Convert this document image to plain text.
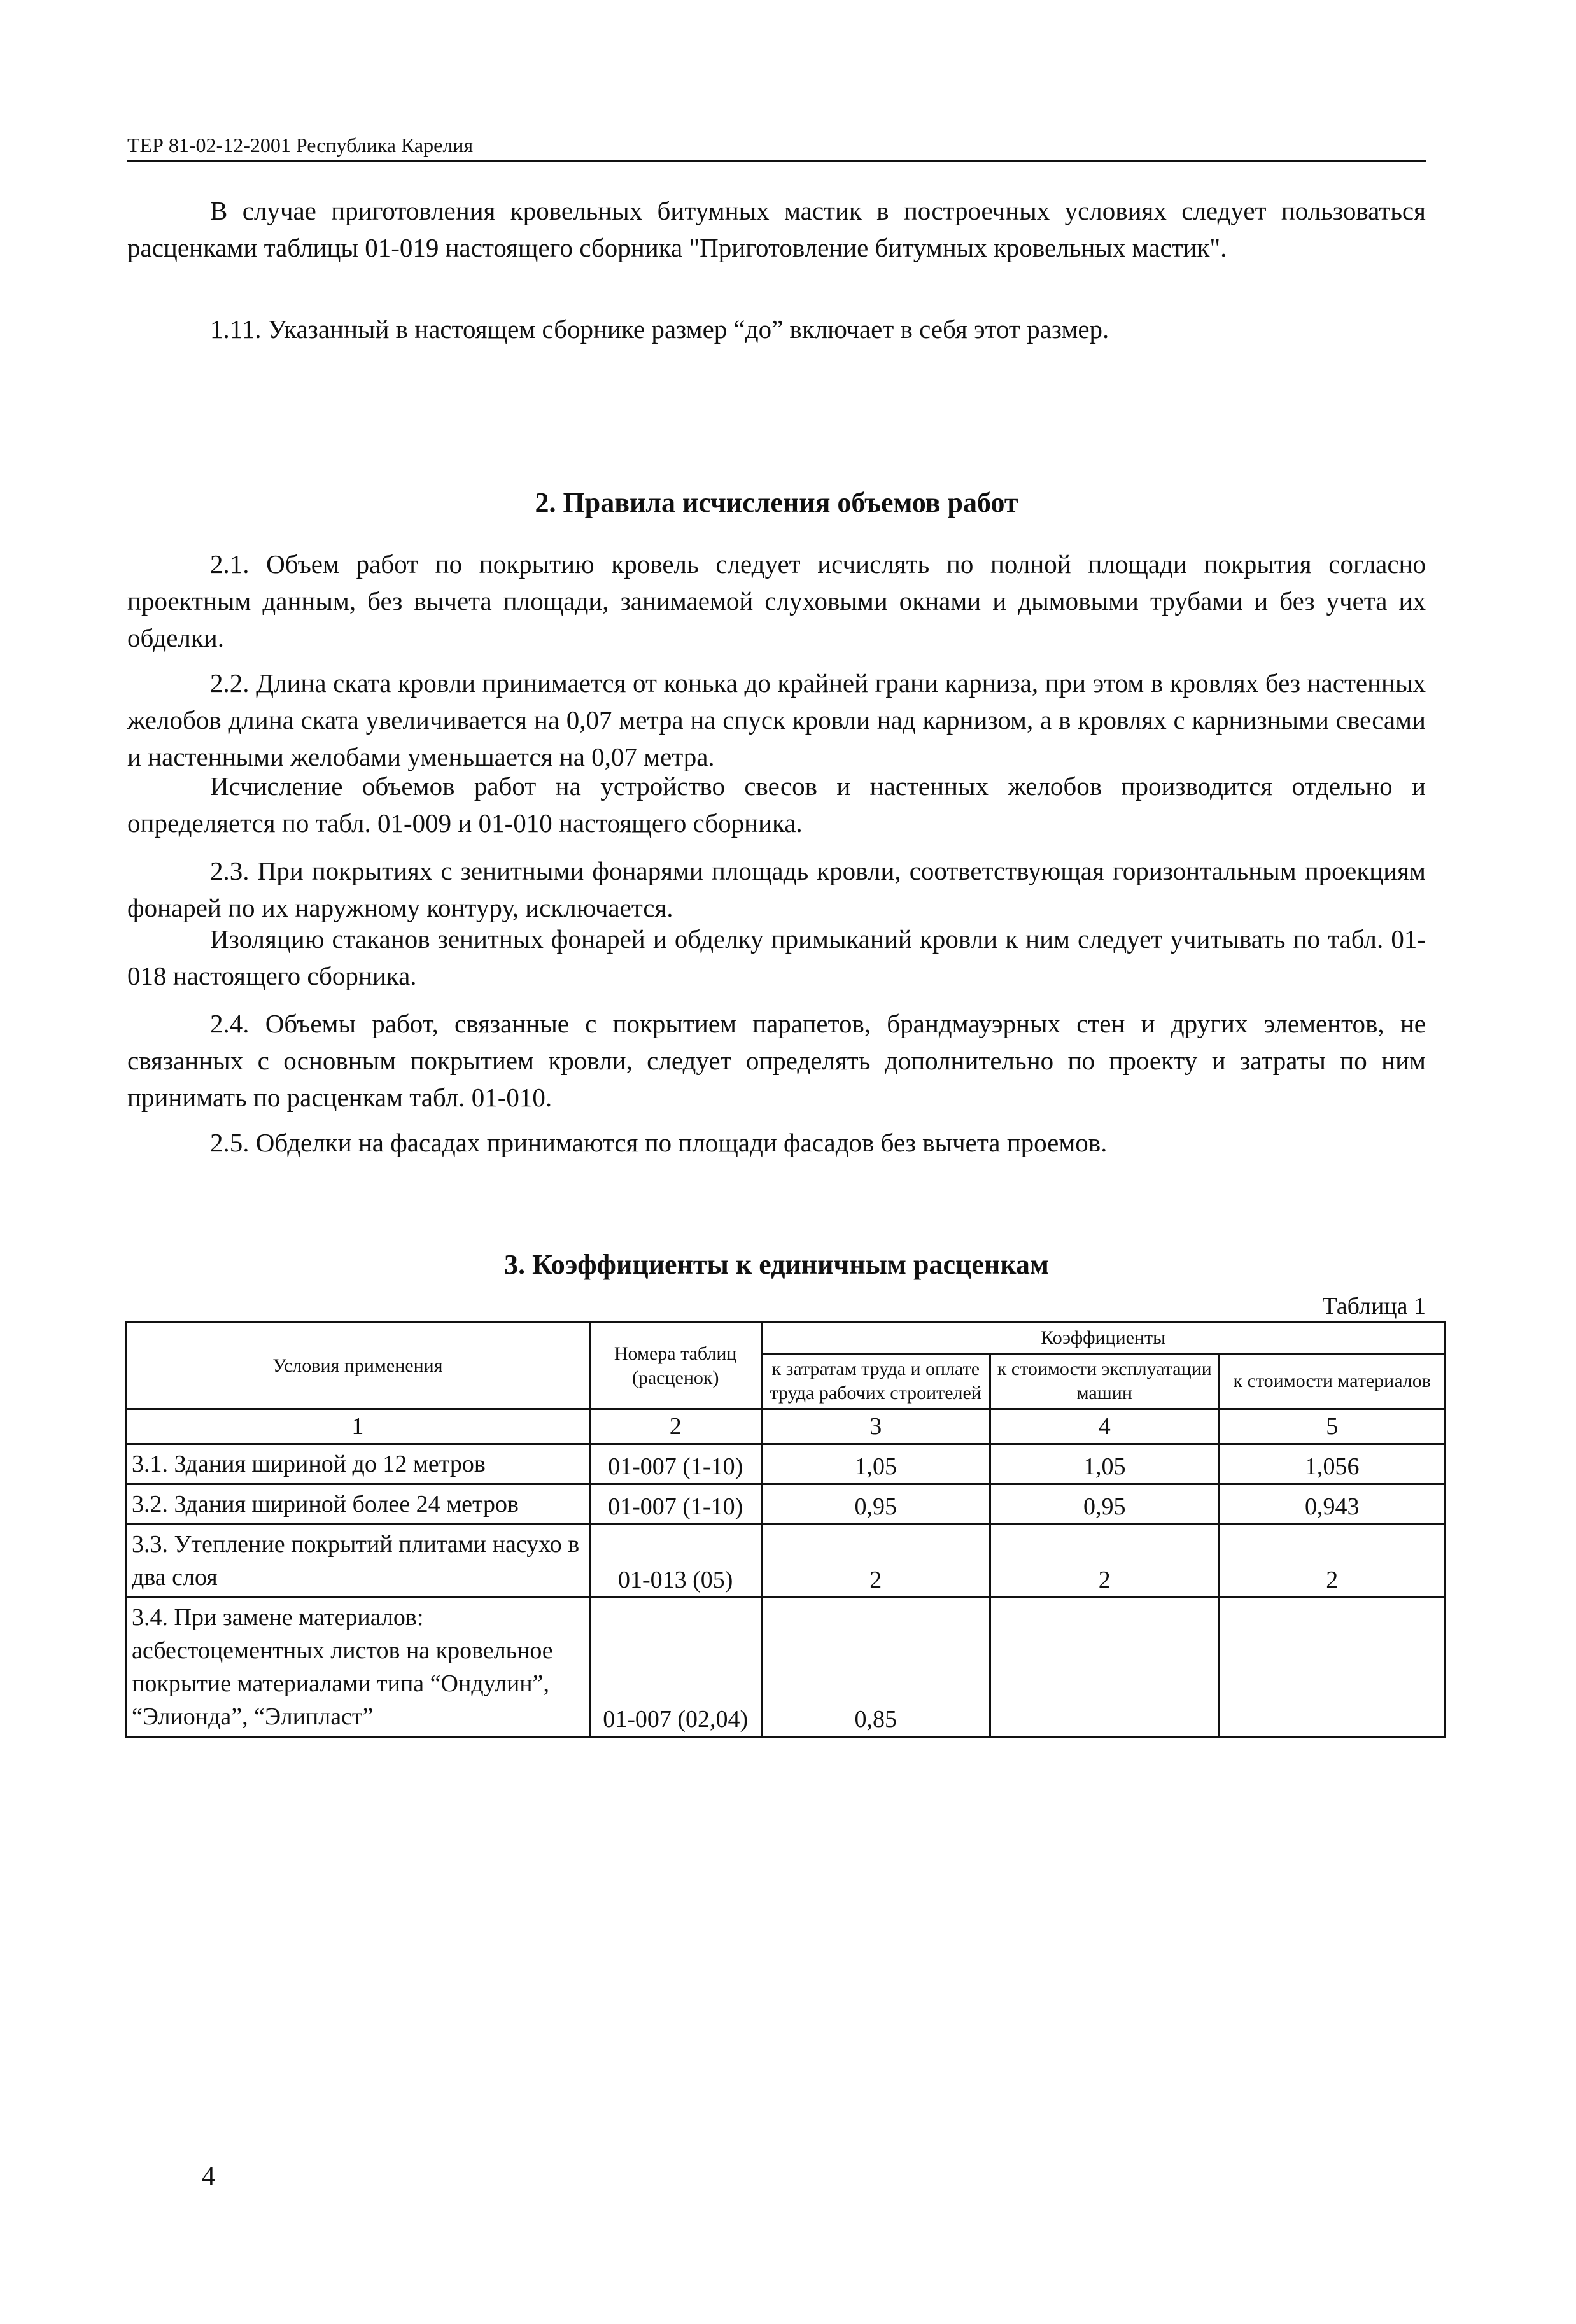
ТЕР 81-02-12-2001 Республика Карелия

В случае приготовления кровельных битумных мастик в построечных условиях следует пользоваться расценками таблицы 01-019 настоящего сборника "Приготовление битумных кровельных мастик".

1.11. Указанный в настоящем сборнике размер “до” включает в себя этот размер.

2. Правила исчисления объемов работ

2.1. Объем работ по покрытию кровель следует исчислять по полной площади покрытия согласно проектным данным, без вычета площади, занимаемой слуховыми окнами и дымовыми трубами и без учета их обделки.

2.2. Длина ската кровли принимается от конька до крайней грани карниза, при этом в кровлях без настенных желобов длина ската увеличивается на 0,07 метра на спуск кровли над карнизом, а в кровлях с карнизными свесами и настенными желобами уменьшается на 0,07 метра.

Исчисление объемов работ на устройство свесов и настенных желобов производится отдельно и определяется по табл. 01-009 и 01-010 настоящего сборника.

2.3. При покрытиях с зенитными фонарями площадь кровли, соответствующая горизонтальным проекциям фонарей по их наружному контуру, исключается.

Изоляцию стаканов зенитных фонарей и обделку примыканий кровли к ним следует учитывать по табл. 01-018 настоящего сборника.

2.4. Объемы работ, связанные с покрытием парапетов, брандмауэрных стен и других элементов, не связанных с основным покрытием кровли, следует определять дополнительно по проекту и затраты по ним принимать по расценкам табл. 01-010.

2.5. Обделки на фасадах принимаются по площади фасадов без вычета проемов.

3. Коэффициенты к единичным расценкам
Таблица 1
Условия применения	Номера таблиц (расценок)	Коэффициенты		
		к затратам труда и оплате труда рабочих строителей	к стоимости эксплуатации машин	к стоимости материалов
1	2	3	4	5
3.1. Здания шириной до 12 метров	01-007 (1-10)	1,05	1,05	1,056
3.2. Здания шириной более 24 метров	01-007 (1-10)	0,95	0,95	0,943
3.3. Утепление покрытий плитами насухо в два слоя	01-013 (05)	2	2	2
3.4. При замене материалов: асбестоцементных листов на кровельное покрытие материалами типа “Ондулин”, “Элионда”, “Элипласт”	01-007 (02,04)	0,85		
4
